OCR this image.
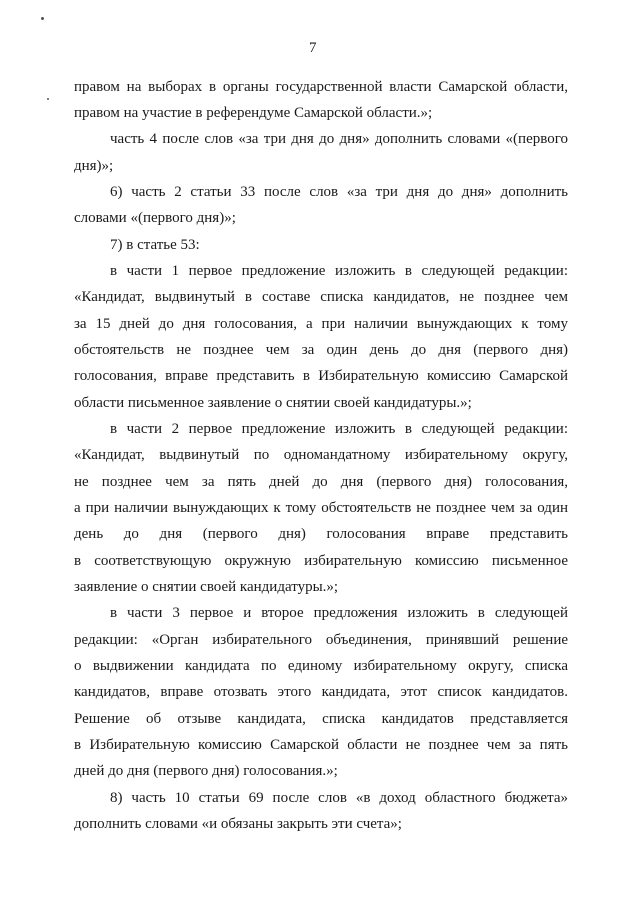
7
правом на выборах в органы государственной власти Самарской области,
правом на участие в референдуме Самарской области.»;
часть 4 после слов «за три дня до дня» дополнить словами «(первого
дня)»;
6) часть 2 статьи 33 после слов «за три дня до дня» дополнить
словами «(первого дня)»;
7) в статье 53:
в части 1 первое предложение изложить в следующей редакции:
«Кандидат, выдвинутый в составе списка кандидатов, не позднее чем
за 15 дней до дня голосования, а при наличии вынуждающих к тому
обстоятельств не позднее чем за один день до дня (первого дня)
голосования, вправе представить в Избирательную комиссию Самарской
области письменное заявление о снятии своей кандидатуры.»;
в части 2 первое предложение изложить в следующей редакции:
«Кандидат, выдвинутый по одномандатному избирательному округу,
не позднее чем за пять дней до дня (первого дня) голосования,
а при наличии вынуждающих к тому обстоятельств не позднее чем за один
день до дня (первого дня) голосования вправе представить
в соответствующую окружную избирательную комиссию письменное
заявление о снятии своей кандидатуры.»;
в части 3 первое и второе предложения изложить в следующей
редакции: «Орган избирательного объединения, принявший решение
о выдвижении кандидата по единому избирательному округу, списка
кандидатов, вправе отозвать этого кандидата, этот список кандидатов.
Решение об отзыве кандидата, списка кандидатов представляется
в Избирательную комиссию Самарской области не позднее чем за пять
дней до дня (первого дня) голосования.»;
8) часть 10 статьи 69 после слов «в доход областного бюджета»
дополнить словами «и обязаны закрыть эти счета»;
